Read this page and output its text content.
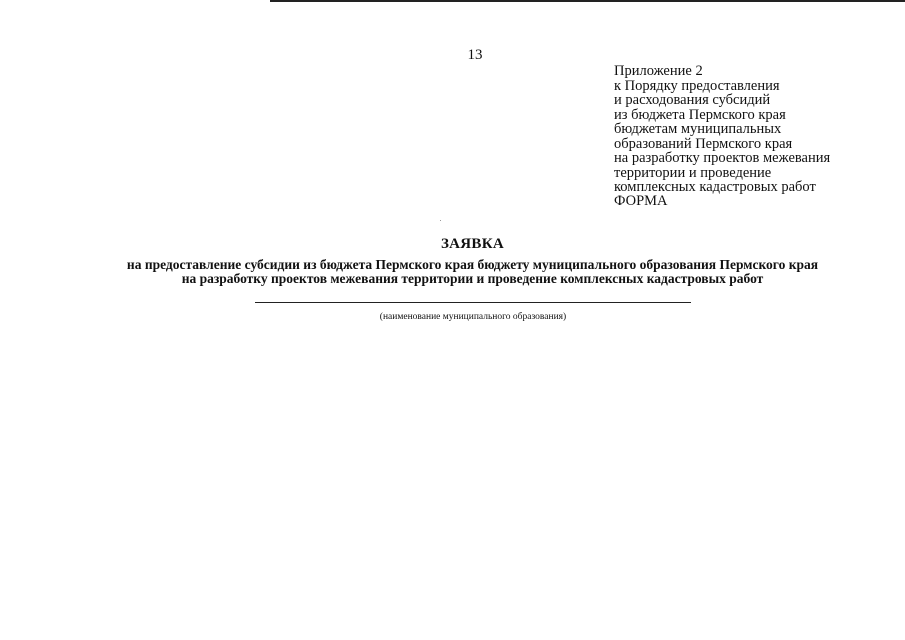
13
Приложение 2
к Порядку предоставления
и расходования субсидий
из бюджета Пермского края
бюджетам муниципальных
образований Пермского края
на разработку проектов межевания
территории и проведение
комплексных кадастровых работ
ФОРМА
ЗАЯВКА
на предоставление субсидии из бюджета Пермского края бюджету муниципального образования Пермского края
на разработку проектов межевания территории и проведение комплексных кадастровых работ
(наименование муниципального образования)
